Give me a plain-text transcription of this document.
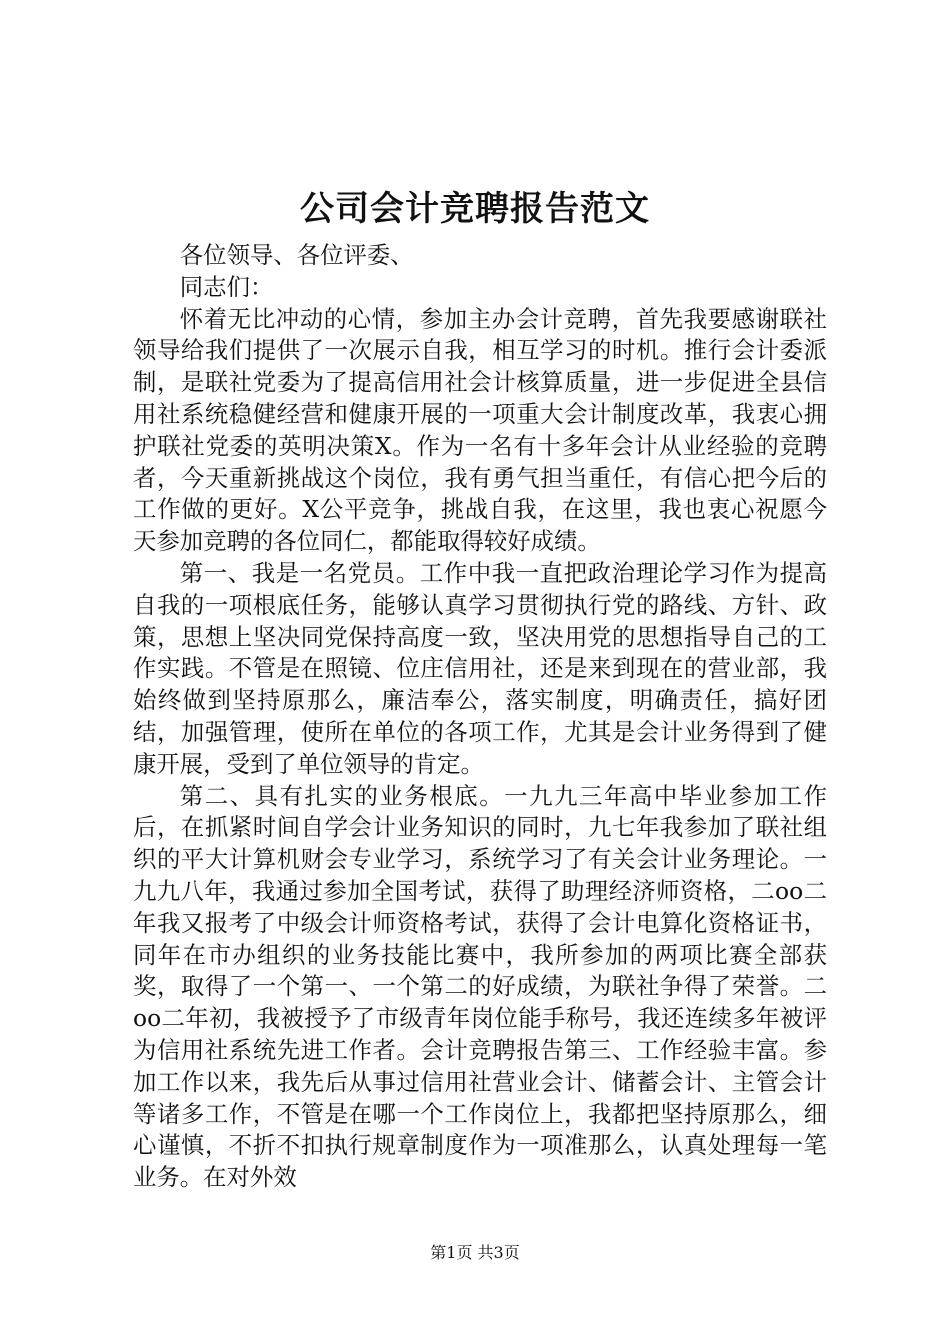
公司会计竞聘报告范文

各位领导、各位评委、

同志们：

怀着无比冲动的心情，参加主办会计竞聘，首先我要感谢联社领导给我们提供了一次展示自我，相互学习的时机。推行会计委派制，是联社党委为了提高信用社会计核算质量，进一步促进全县信用社系统稳健经营和健康开展的一项重大会计制度改革，我衷心拥护联社党委的英明决策X。作为一名有十多年会计从业经验的竞聘者，今天重新挑战这个岗位，我有勇气担当重任，有信心把今后的工作做的更好。X公平竞争，挑战自我，在这里，我也衷心祝愿今天参加竞聘的各位同仁，都能取得较好成绩。

第一、我是一名党员。工作中我一直把政治理论学习作为提高自我的一项根底任务，能够认真学习贯彻执行党的路线、方针、政策，思想上坚决同党保持高度一致，坚决用党的思想指导自己的工作实践。不管是在照镜、位庄信用社，还是来到现在的营业部，我始终做到坚持原那么，廉洁奉公，落实制度，明确责任，搞好团结，加强管理，使所在单位的各项工作，尤其是会计业务得到了健康开展，受到了单位领导的肯定。

第二、具有扎实的业务根底。一九九三年高中毕业参加工作后，在抓紧时间自学会计业务知识的同时，九七年我参加了联社组织的平大计算机财会专业学习，系统学习了有关会计业务理论。一九九八年，我通过参加全国考试，获得了助理经济师资格，二oo二年我又报考了中级会计师资格考试，获得了会计电算化资格证书，同年在市办组织的业务技能比赛中，我所参加的两项比赛全部获奖，取得了一个第一、一个第二的好成绩，为联社争得了荣誉。二oo二年初，我被授予了市级青年岗位能手称号，我还连续多年被评为信用社系统先进工作者。会计竞聘报告第三、工作经验丰富。参加工作以来，我先后从事过信用社营业会计、储蓄会计、主管会计等诸多工作，不管是在哪一个工作岗位上，我都把坚持原那么，细心谨慎，不折不扣执行规章制度作为一项准那么，认真处理每一笔业务。在对外效

第1页 共3页
